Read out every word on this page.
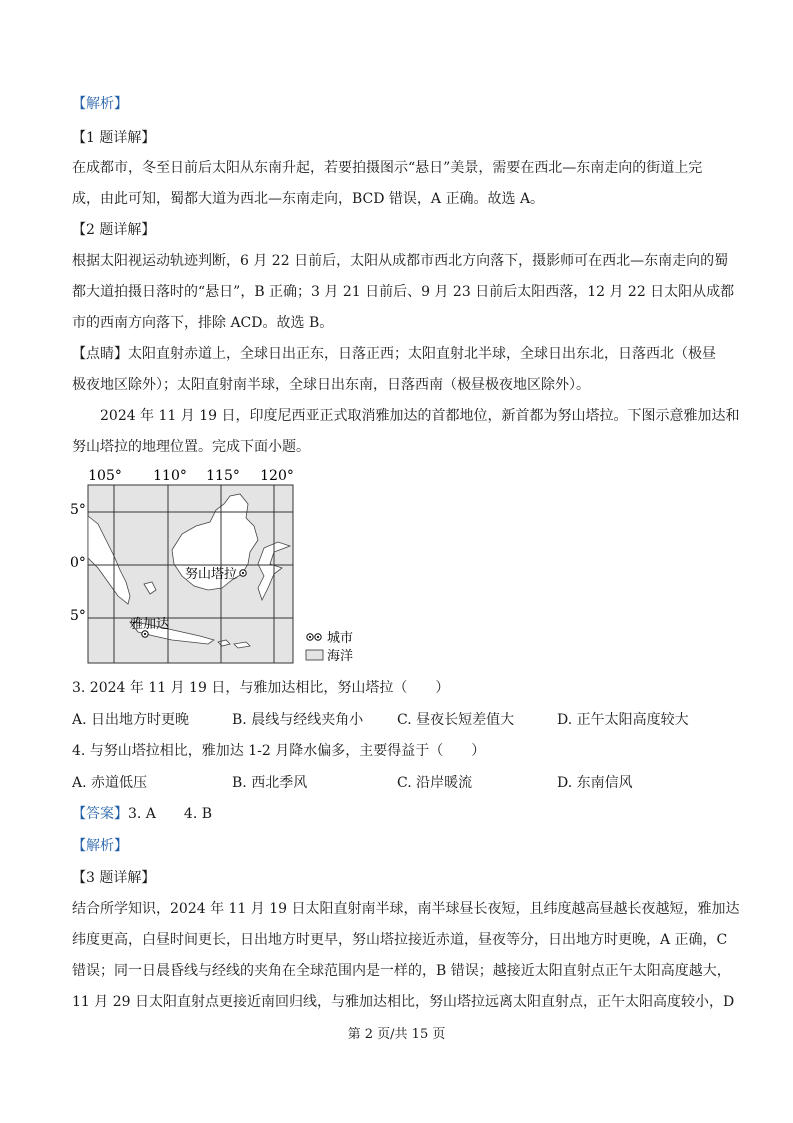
【解析】
【1 题详解】
在成都市，冬至日前后太阳从东南升起，若要拍摄图示“悬日”美景，需要在西北—东南走向的街道上完
成，由此可知，蜀都大道为西北—东南走向，BCD 错误，A 正确。故选 A。
【2 题详解】
根据太阳视运动轨迹判断，6 月 22 日前后，太阳从成都市西北方向落下，摄影师可在西北—东南走向的蜀
都大道拍摄日落时的“悬日”，B 正确；3 月 21 日前后、9 月 23 日前后太阳西落，12 月 22 日太阳从成都
市的西南方向落下，排除 ACD。故选 B。
【点睛】太阳直射赤道上，全球日出正东，日落正西；太阳直射北半球，全球日出东北，日落西北（极昼
极夜地区除外）；太阳直射南半球，全球日出东南，日落西南（极昼极夜地区除外）。
2024 年 11 月 19 日，印度尼西亚正式取消雅加达的首都地位，新首都为努山塔拉。下图示意雅加达和
努山塔拉的地理位置。完成下面小题。
105° 110° 115° 120°
5°
0°
5°
努山塔拉
雅加达
城市
海洋
3. 2024 年 11 月 19 日，与雅加达相比，努山塔拉（　　）
A. 日出地方时更晚	B. 晨线与经线夹角小 C. 昼夜长短差值大	D. 正午太阳高度较大
4. 与努山塔拉相比，雅加达 1-2 月降水偏多，主要得益于（　　）
A. 赤道低压	B. 西北季风	C. 沿岸暖流	D. 东南信风
【答案】3. A　　4. B
【解析】
【3 题详解】
结合所学知识，2024 年 11 月 19 日太阳直射南半球，南半球昼长夜短，且纬度越高昼越长夜越短，雅加达
纬度更高，白昼时间更长，日出地方时更早，努山塔拉接近赤道，昼夜等分，日出地方时更晚，A 正确，C
错误；同一日晨昏线与经线的夹角在全球范围内是一样的，B 错误；越接近太阳直射点正午太阳高度越大，
11 月 29 日太阳直射点更接近南回归线，与雅加达相比，努山塔拉远离太阳直射点，正午太阳高度较小，D
第 2 页/共 15 页
